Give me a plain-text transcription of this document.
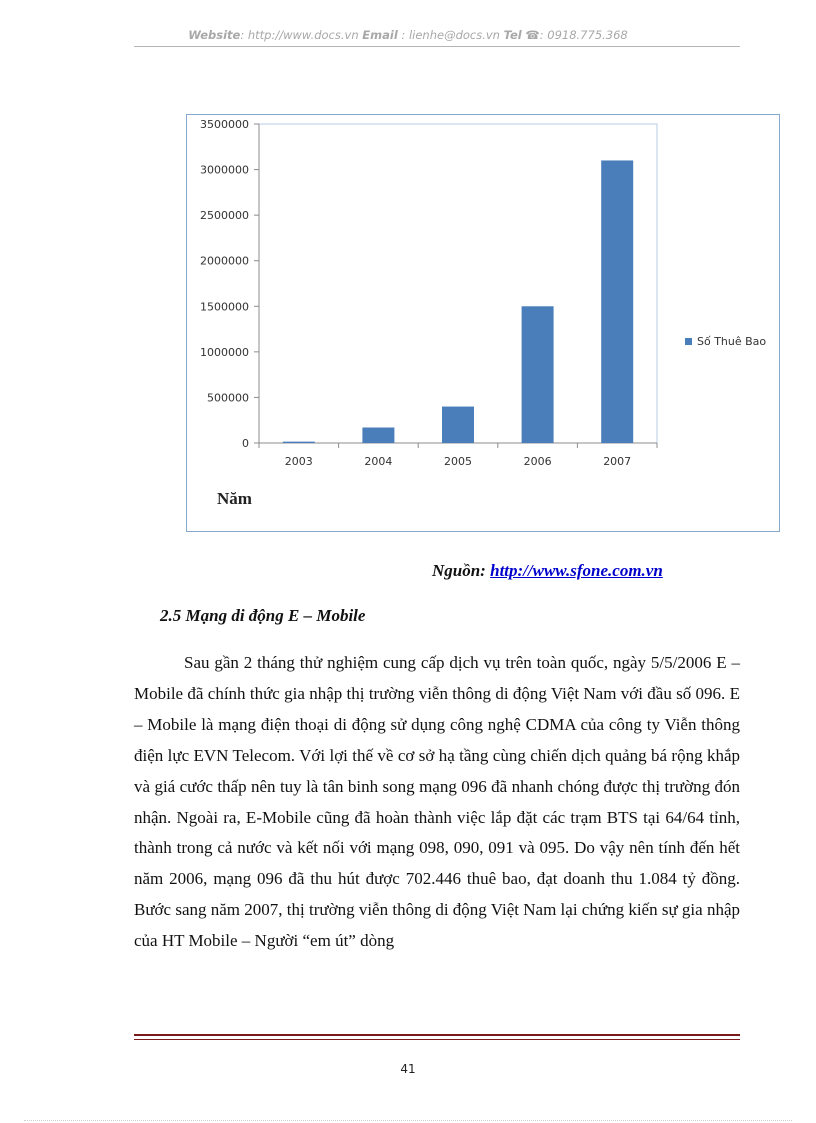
Website: http://www.docs.vn Email : lienhe@docs.vn Tel ☎: 0918.775.368
0
500000
1000000
1500000
2000000
2500000
3000000
3500000
2003	2004	2005	2006	2007
Số Thuê Bao
Năm
Nguồn: http://www.sfone.com.vn
2.5 Mạng di động E – Mobile

Sau gần 2 tháng thử nghiệm cung cấp dịch vụ trên toàn quốc, ngày 5/5/2006 E – Mobile đã chính thức gia nhập thị trường viễn thông di động Việt Nam với đầu số 096. E – Mobile là mạng điện thoại di động sử dụng công nghệ CDMA của công ty Viễn thông điện lực EVN Telecom. Với lợi thế về cơ sở hạ tầng cùng chiến dịch quảng bá rộng khắp và giá cước thấp nên tuy là tân binh song mạng 096 đã nhanh chóng được thị trường đón nhận. Ngoài ra, E-Mobile cũng đã hoàn thành việc lắp đặt các trạm BTS tại 64/64 tỉnh, thành trong cả nước và kết nối với mạng 098, 090, 091 và 095. Do vậy nên tính đến hết năm 2006, mạng 096 đã thu hút được 702.446 thuê bao, đạt doanh thu 1.084 tỷ đồng. Bước sang năm 2007, thị trường viễn thông di động Việt Nam lại chứng kiến sự gia nhập của HT Mobile – Người “em út” dòng

41
